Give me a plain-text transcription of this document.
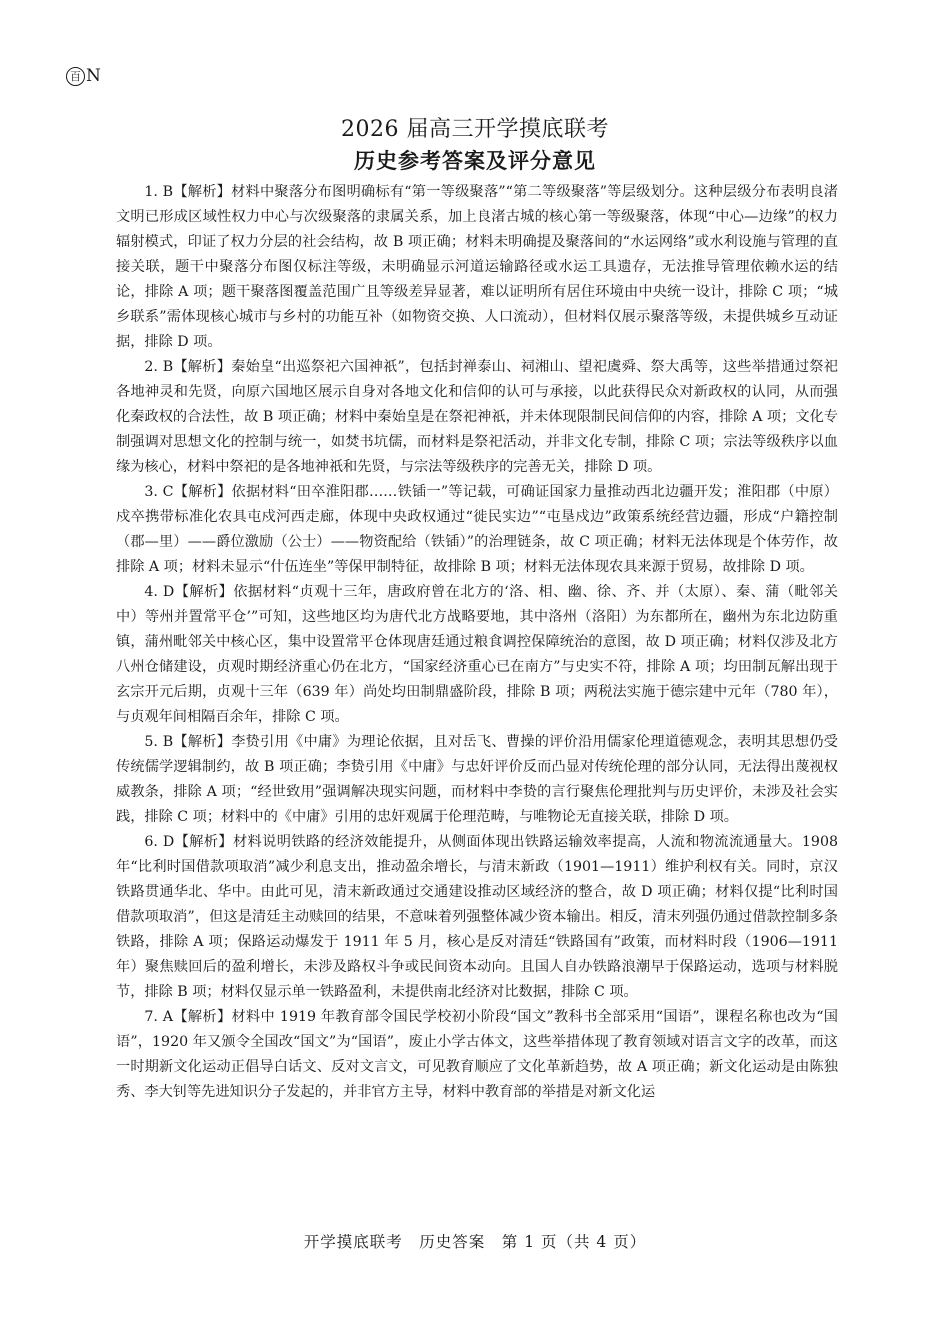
百 N
2026 届高三开学摸底联考
历史参考答案及评分意见

1. B【解析】材料中聚落分布图明确标有“第一等级聚落”“第二等级聚落”等层级划分。这种层级分布表明良渚文明已形成区域性权力中心与次级聚落的隶属关系，加上良渚古城的核心第一等级聚落，体现“中心—边缘”的权力辐射模式，印证了权力分层的社会结构，故 B 项正确；材料未明确提及聚落间的“水运网络”或水利设施与管理的直接关联，题干中聚落分布图仅标注等级，未明确显示河道运输路径或水运工具遗存，无法推导管理依赖水运的结论，排除 A 项；题干聚落图覆盖范围广且等级差异显著，难以证明所有居住环境由中央统一设计，排除 C 项；“城乡联系”需体现核心城市与乡村的功能互补（如物资交换、人口流动），但材料仅展示聚落等级，未提供城乡互动证据，排除 D 项。

2. B【解析】秦始皇“出巡祭祀六国神祇”，包括封禅泰山、祠湘山、望祀虞舜、祭大禹等，这些举措通过祭祀各地神灵和先贤，向原六国地区展示自身对各地文化和信仰的认可与承接，以此获得民众对新政权的认同，从而强化秦政权的合法性，故 B 项正确；材料中秦始皇是在祭祀神祇，并未体现限制民间信仰的内容，排除 A 项；文化专制强调对思想文化的控制与统一，如焚书坑儒，而材料是祭祀活动，并非文化专制，排除 C 项；宗法等级秩序以血缘为核心，材料中祭祀的是各地神祇和先贤，与宗法等级秩序的完善无关，排除 D 项。

3. C【解析】依据材料“田卒淮阳郡……铁锸一”等记载，可确证国家力量推动西北边疆开发；淮阳郡（中原）戍卒携带标准化农具屯戍河西走廊，体现中央政权通过“徙民实边”“屯垦戍边”政策系统经营边疆，形成“户籍控制（郡—里）——爵位激励（公士）——物资配给（铁锸）”的治理链条，故 C 项正确；材料无法体现是个体劳作，故排除 A 项；材料未显示“什伍连坐”等保甲制特征，故排除 B 项；材料无法体现农具来源于贸易，故排除 D 项。

4. D【解析】依据材料“贞观十三年，唐政府曾在北方的‘洛、相、幽、徐、齐、并（太原）、秦、蒲（毗邻关中）等州并置常平仓’”可知，这些地区均为唐代北方战略要地，其中洛州（洛阳）为东都所在，幽州为东北边防重镇，蒲州毗邻关中核心区，集中设置常平仓体现唐廷通过粮食调控保障统治的意图，故 D 项正确；材料仅涉及北方八州仓储建设，贞观时期经济重心仍在北方，“国家经济重心已在南方”与史实不符，排除 A 项；均田制瓦解出现于玄宗开元后期，贞观十三年（639 年）尚处均田制鼎盛阶段，排除 B 项；两税法实施于德宗建中元年（780 年），与贞观年间相隔百余年，排除 C 项。

5. B【解析】李贽引用《中庸》为理论依据，且对岳飞、曹操的评价沿用儒家伦理道德观念，表明其思想仍受传统儒学逻辑制约，故 B 项正确；李贽引用《中庸》与忠奸评价反而凸显对传统伦理的部分认同，无法得出蔑视权威教条，排除 A 项；“经世致用”强调解决现实问题，而材料中李贽的言行聚焦伦理批判与历史评价，未涉及社会实践，排除 C 项；材料中的《中庸》引用的忠奸观属于伦理范畴，与唯物论无直接关联，排除 D 项。

6. D【解析】材料说明铁路的经济效能提升，从侧面体现出铁路运输效率提高，人流和物流流通量大。1908 年“比利时国借款项取消”减少利息支出，推动盈余增长，与清末新政（1901—1911）维护利权有关。同时，京汉铁路贯通华北、华中。由此可见，清末新政通过交通建设推动区域经济的整合，故 D 项正确；材料仅提“比利时国借款项取消”，但这是清廷主动赎回的结果，不意味着列强整体减少资本输出。相反，清末列强仍通过借款控制多条铁路，排除 A 项；保路运动爆发于 1911 年 5 月，核心是反对清廷“铁路国有”政策，而材料时段（1906—1911 年）聚焦赎回后的盈利增长，未涉及路权斗争或民间资本动向。且国人自办铁路浪潮早于保路运动，选项与材料脱节，排除 B 项；材料仅显示单一铁路盈利，未提供南北经济对比数据，排除 C 项。

7. A【解析】材料中 1919 年教育部令国民学校初小阶段“国文”教科书全部采用“国语”，课程名称也改为“国语”，1920 年又颁令全国改“国文”为“国语”，废止小学古体文，这些举措体现了教育领域对语言文字的改革，而这一时期新文化运动正倡导白话文、反对文言文，可见教育顺应了文化革新趋势，故 A 项正确；新文化运动是由陈独秀、李大钊等先进知识分子发起的，并非官方主导，材料中教育部的举措是对新文化运

开学摸底联考　历史答案　第 1 页（共 4 页）
